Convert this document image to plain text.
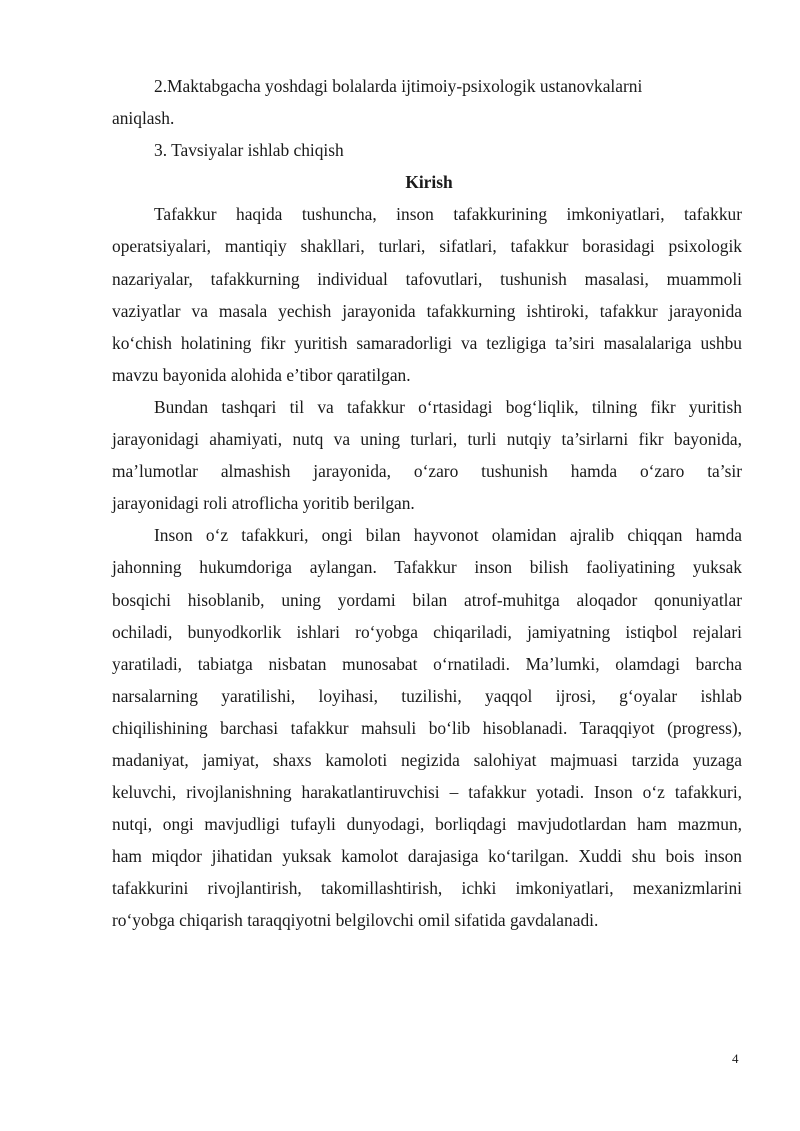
2.Maktabgacha yoshdagi bolalarda ijtimoiy-psixologik ustanovkalarni
aniqlash.
3. Tavsiyalar ishlab chiqish
Kirish
Tafakkur haqida tushuncha, inson tafakkurining imkoniyatlari, tafakkur
operatsiyalari, mantiqiy shakllari, turlari, sifatlari, tafakkur borasidagi psixologik
nazariyalar, tafakkurning individual tafovutlari, tushunish masalasi, muammoli
vaziyatlar va masala yechish jarayonida tafakkurning ishtiroki, tafakkur jarayonida
ko‘chish holatining fikr yuritish samaradorligi va tezligiga ta’siri masalalariga ushbu
mavzu bayonida alohida e’tibor qaratilgan.
Bundan tashqari til va tafakkur o‘rtasidagi bog‘liqlik, tilning fikr yuritish
jarayonidagi ahamiyati, nutq va uning turlari, turli nutqiy ta’sirlarni fikr bayonida,
ma’lumotlar almashish jarayonida, o‘zaro tushunish hamda o‘zaro ta’sir
jarayonidagi roli atroflicha yoritib berilgan.
Inson o‘z tafakkuri, ongi bilan hayvonot olamidan ajralib chiqqan hamda
jahonning hukumdoriga aylangan. Tafakkur inson bilish faoliyatining yuksak
bosqichi hisoblanib, uning yordami bilan atrof-muhitga aloqador qonuniyatlar
ochiladi, bunyodkorlik ishlari ro‘yobga chiqariladi, jamiyatning istiqbol rejalari
yaratiladi, tabiatga nisbatan munosabat o‘rnatiladi. Ma’lumki, olamdagi barcha
narsalarning yaratilishi, loyihasi, tuzilishi, yaqqol ijrosi, g‘oyalar ishlab
chiqilishining barchasi tafakkur mahsuli bo‘lib hisoblanadi. Taraqqiyot (progress),
madaniyat, jamiyat, shaxs kamoloti negizida salohiyat majmuasi tarzida yuzaga
keluvchi, rivojlanishning harakatlantiruvchisi – tafakkur yotadi. Inson o‘z tafakkuri,
nutqi, ongi mavjudligi tufayli dunyodagi, borliqdagi mavjudotlardan ham mazmun,
ham miqdor jihatidan yuksak kamolot darajasiga ko‘tarilgan. Xuddi shu bois inson
tafakkurini rivojlantirish, takomillashtirish, ichki imkoniyatlari, mexanizmlarini
ro‘yobga chiqarish taraqqiyotni belgilovchi omil sifatida gavdalanadi.
4
